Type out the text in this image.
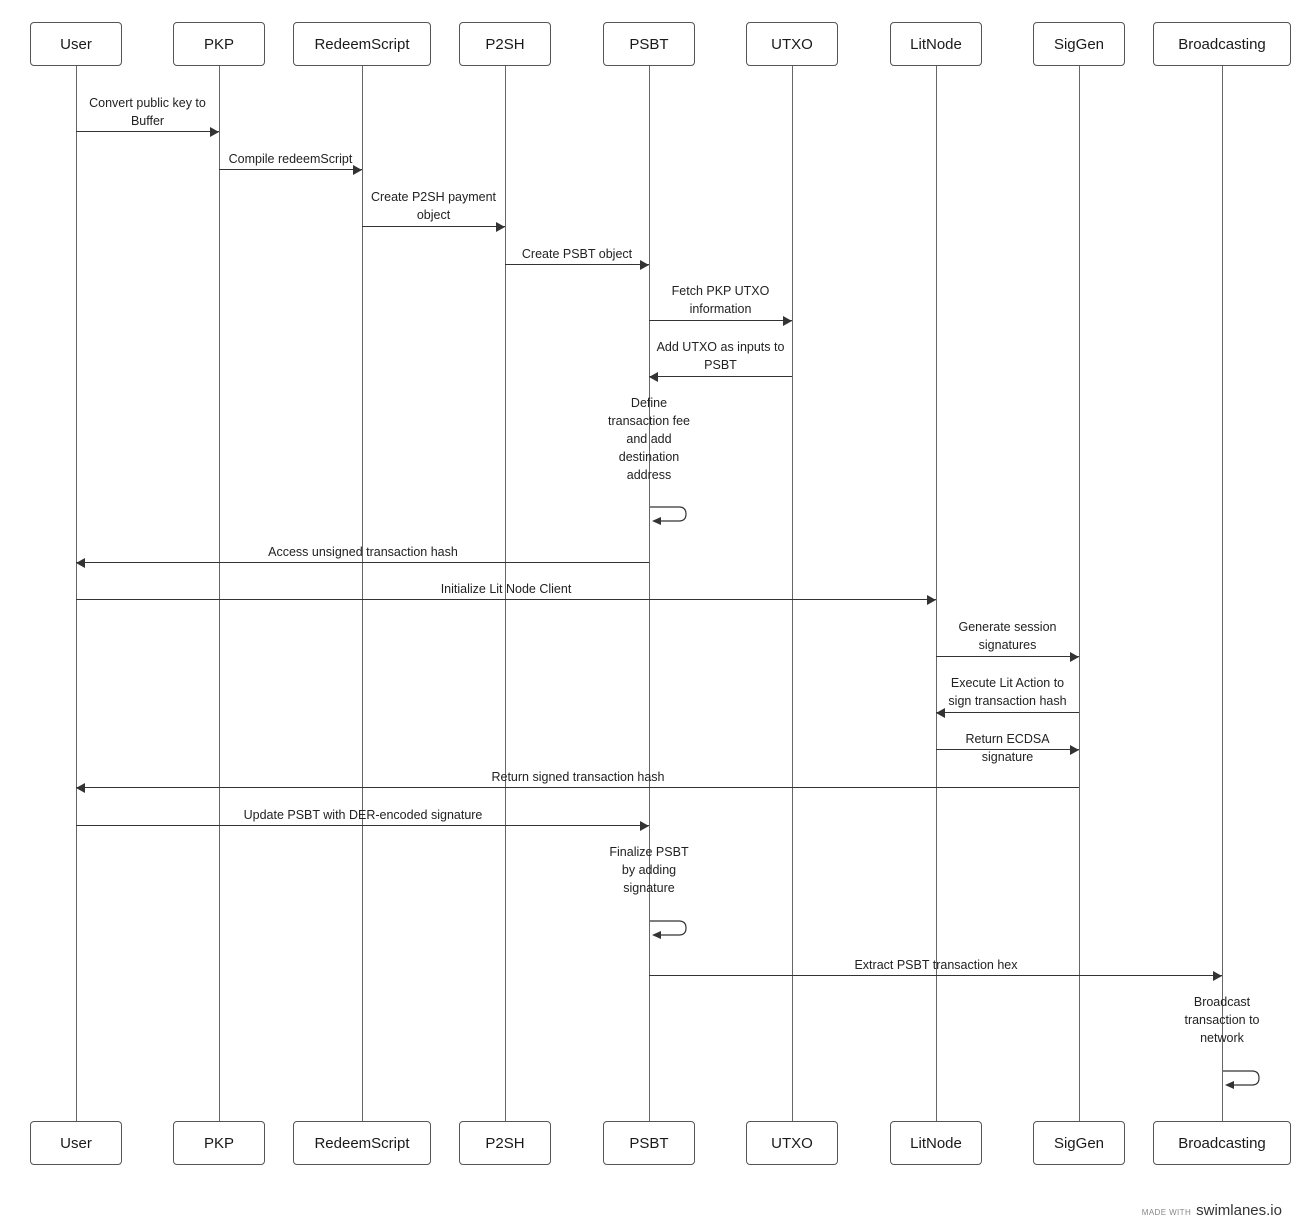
User	PKP	RedeemScript	P2SH	PSBT	UTXO	LitNode	SigGen	Broadcasting
User	PKP	RedeemScript	P2SH	PSBT	UTXO	LitNode	SigGen	Broadcasting
Convert public key to Buffer
Compile redeemScript
Create P2SH payment object
Create PSBT object
Fetch PKP UTXO information
Add UTXO as inputs to PSBT
Define transaction fee and add destination address
Access unsigned transaction hash
Initialize Lit Node Client
Generate session signatures
Execute Lit Action to sign transaction hash
Return ECDSA signature
Return signed transaction hash
Update PSBT with DER-encoded signature
Finalize PSBT by adding signature
Extract PSBT transaction hex
Broadcast transaction to network
MADE WITH swimlanes.io
